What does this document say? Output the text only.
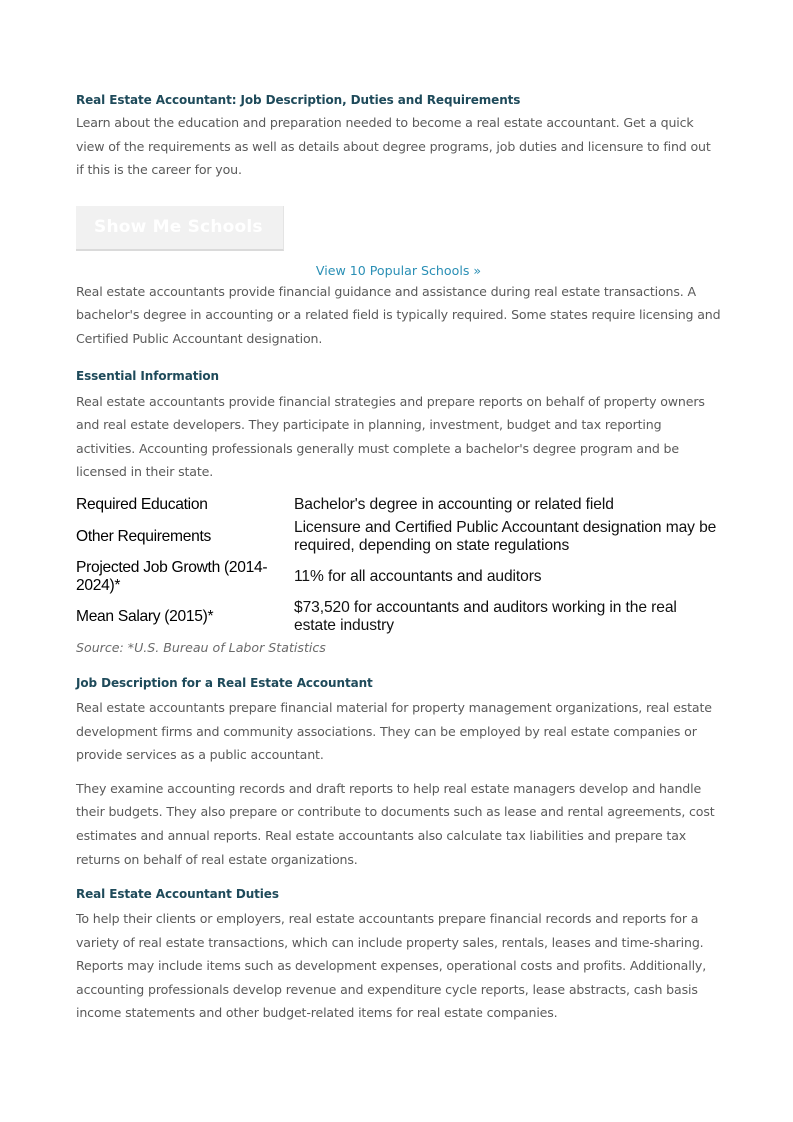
Real Estate Accountant: Job Description, Duties and Requirements

Learn about the education and preparation needed to become a real estate accountant. Get a quick view of the requirements as well as details about degree programs, job duties and licensure to find out if this is the career for you.

Show Me Schools
View 10 Popular Schools »

Real estate accountants provide financial guidance and assistance during real estate transactions. A bachelor's degree in accounting or a related field is typically required. Some states require licensing and Certified Public Accountant designation.

Essential Information

Real estate accountants provide financial strategies and prepare reports on behalf of property owners and real estate developers. They participate in planning, investment, budget and tax reporting activities. Accounting professionals generally must complete a bachelor's degree program and be licensed in their state.

Required Education	Bachelor's degree in accounting or related field
Other Requirements	Licensure and Certified Public Accountant designation may be required, depending on state regulations
Projected Job Growth (2014-2024)*	11% for all accountants and auditors
Mean Salary (2015)*	$73,520 for accountants and auditors working in the real estate industry
Source: *U.S. Bureau of Labor Statistics
Job Description for a Real Estate Accountant

Real estate accountants prepare financial material for property management organizations, real estate development firms and community associations. They can be employed by real estate companies or provide services as a public accountant.

They examine accounting records and draft reports to help real estate managers develop and handle their budgets. They also prepare or contribute to documents such as lease and rental agreements, cost estimates and annual reports. Real estate accountants also calculate tax liabilities and prepare tax returns on behalf of real estate organizations.

Real Estate Accountant Duties

To help their clients or employers, real estate accountants prepare financial records and reports for a variety of real estate transactions, which can include property sales, rentals, leases and time-sharing. Reports may include items such as development expenses, operational costs and profits. Additionally, accounting professionals develop revenue and expenditure cycle reports, lease abstracts, cash basis income statements and other budget-related items for real estate companies.
